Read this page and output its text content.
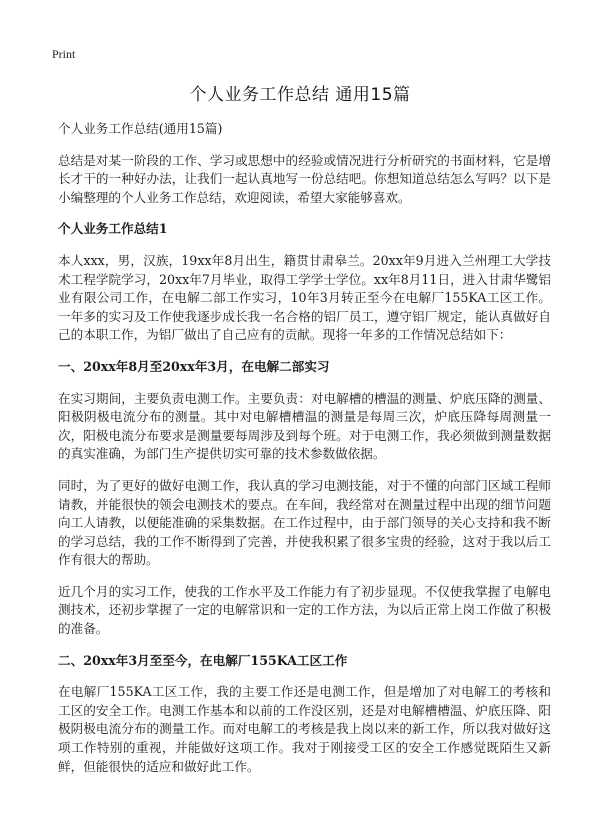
Print
个人业务工作总结 通用15篇

个人业务工作总结(通用15篇)

总结是对某一阶段的工作、学习或思想中的经验或情况进行分析研究的书面材料，它是增长才干的一种好办法，让我们一起认真地写一份总结吧。你想知道总结怎么写吗？以下是小编整理的个人业务工作总结，欢迎阅读，希望大家能够喜欢。

个人业务工作总结1

本人xxx，男，汉族，19xx年8月出生，籍贯甘肃皋兰。20xx年9月进入兰州理工大学技术工程学院学习，20xx年7月毕业，取得工学学士学位。xx年8月11日，进入甘肃华鹭铝业有限公司工作，在电解二部工作实习，10年3月转正至今在电解厂155KA工区工作。一年多的实习及工作使我逐步成长我一名合格的铝厂员工，遵守铝厂规定，能认真做好自己的本职工作，为铝厂做出了自己应有的贡献。现将一年多的工作情况总结如下：

一、20xx年8月至20xx年3月，在电解二部实习

在实习期间，主要负责电测工作。主要负责：对电解槽的槽温的测量、炉底压降的测量、阳极阴极电流分布的测量。其中对电解槽槽温的测量是每周三次，炉底压降每周测量一次，阳极电流分布要求是测量要每周涉及到每个班。对于电测工作，我必须做到测量数据的真实准确，为部门生产提供切实可靠的技术参数做依据。

同时，为了更好的做好电测工作，我认真的学习电测技能，对于不懂的向部门区域工程师请教，并能很快的领会电测技术的要点。在车间，我经常对在测量过程中出现的细节问题向工人请教，以便能准确的采集数据。在工作过程中，由于部门领导的关心支持和我不断的学习总结，我的工作不断得到了完善，并使我积累了很多宝贵的经验，这对于我以后工作有很大的帮助。

近几个月的实习工作，使我的工作水平及工作能力有了初步显现。不仅使我掌握了电解电测技术，还初步掌握了一定的电解常识和一定的工作方法，为以后正常上岗工作做了积极的准备。

二、20xx年3月至至今，在电解厂155KA工区工作

在电解厂155KA工区工作，我的主要工作还是电测工作，但是增加了对电解工的考核和工区的安全工作。电测工作基本和以前的工作没区别，还是对电解槽槽温、炉底压降、阳极阴极电流分布的测量工作。而对电解工的考核是我上岗以来的新工作，所以我对做好这项工作特别的重视，并能做好这项工作。我对于刚接受工区的安全工作感觉既陌生又新鲜，但能很快的适应和做好此工作。
